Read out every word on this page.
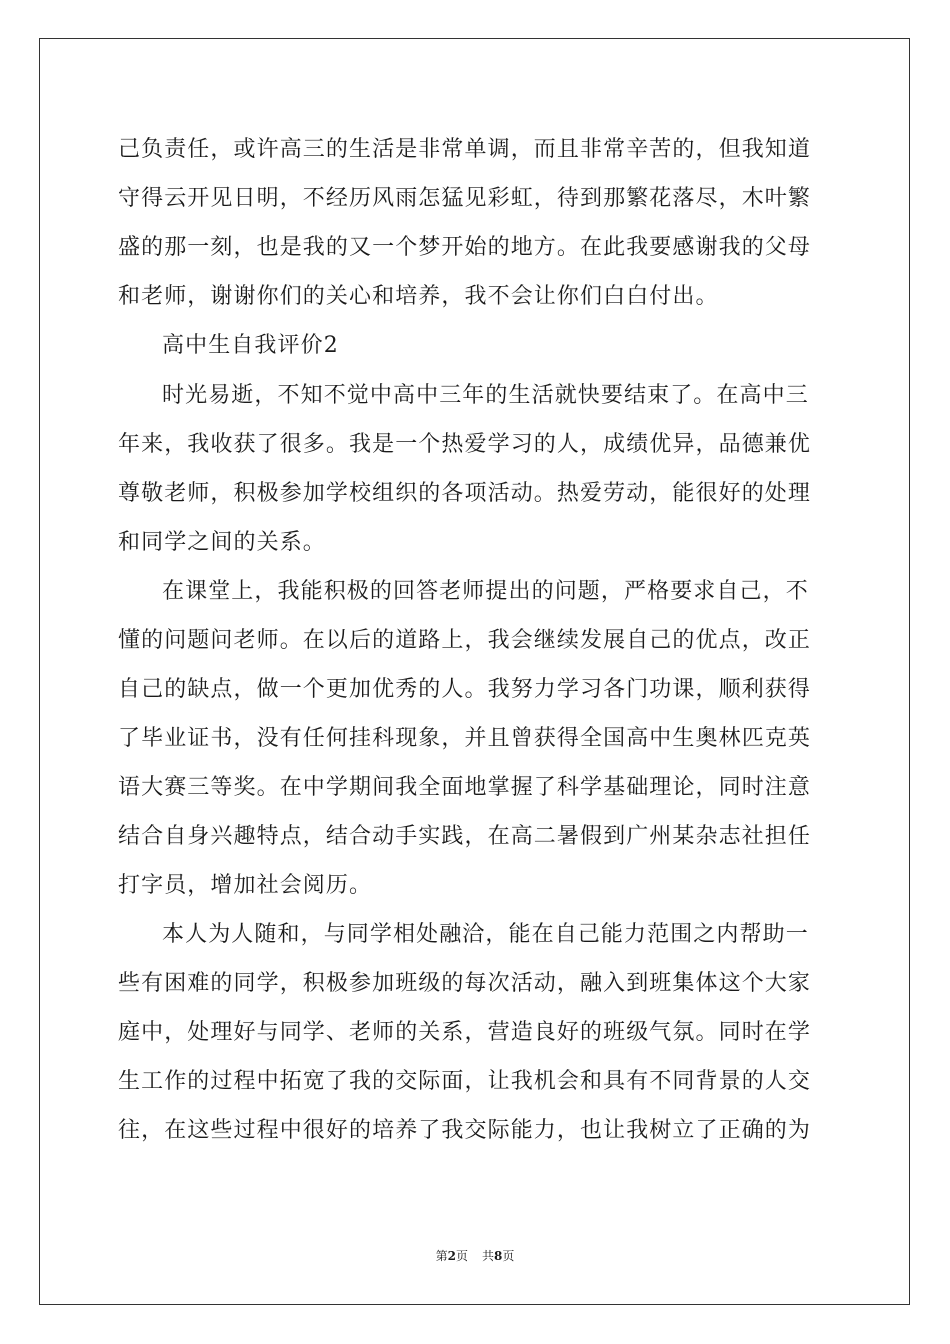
己负责任，或许高三的生活是非常单调，而且非常辛苦的，但我知道
守得云开见日明，不经历风雨怎猛见彩虹，待到那繁花落尽，木叶繁
盛的那一刻，也是我的又一个梦开始的地方。在此我要感谢我的父母
和老师，谢谢你们的关心和培养，我不会让你们白白付出。
高中生自我评价2
时光易逝，不知不觉中高中三年的生活就快要结束了。在高中三
年来，我收获了很多。我是一个热爱学习的人，成绩优异，品德兼优
尊敬老师，积极参加学校组织的各项活动。热爱劳动，能很好的处理
和同学之间的关系。
在课堂上，我能积极的回答老师提出的问题，严格要求自己，不
懂的问题问老师。在以后的道路上，我会继续发展自己的优点，改正
自己的缺点，做一个更加优秀的人。我努力学习各门功课，顺利获得
了毕业证书，没有任何挂科现象，并且曾获得全国高中生奥林匹克英
语大赛三等奖。在中学期间我全面地掌握了科学基础理论，同时注意
结合自身兴趣特点，结合动手实践，在高二暑假到广州某杂志社担任
打字员，增加社会阅历。
本人为人随和，与同学相处融洽，能在自己能力范围之内帮助一
些有困难的同学，积极参加班级的每次活动，融入到班集体这个大家
庭中，处理好与同学、老师的关系，营造良好的班级气氛。同时在学
生工作的过程中拓宽了我的交际面，让我机会和具有不同背景的人交
往，在这些过程中很好的培养了我交际能力，也让我树立了正确的为
第2页 共8页
